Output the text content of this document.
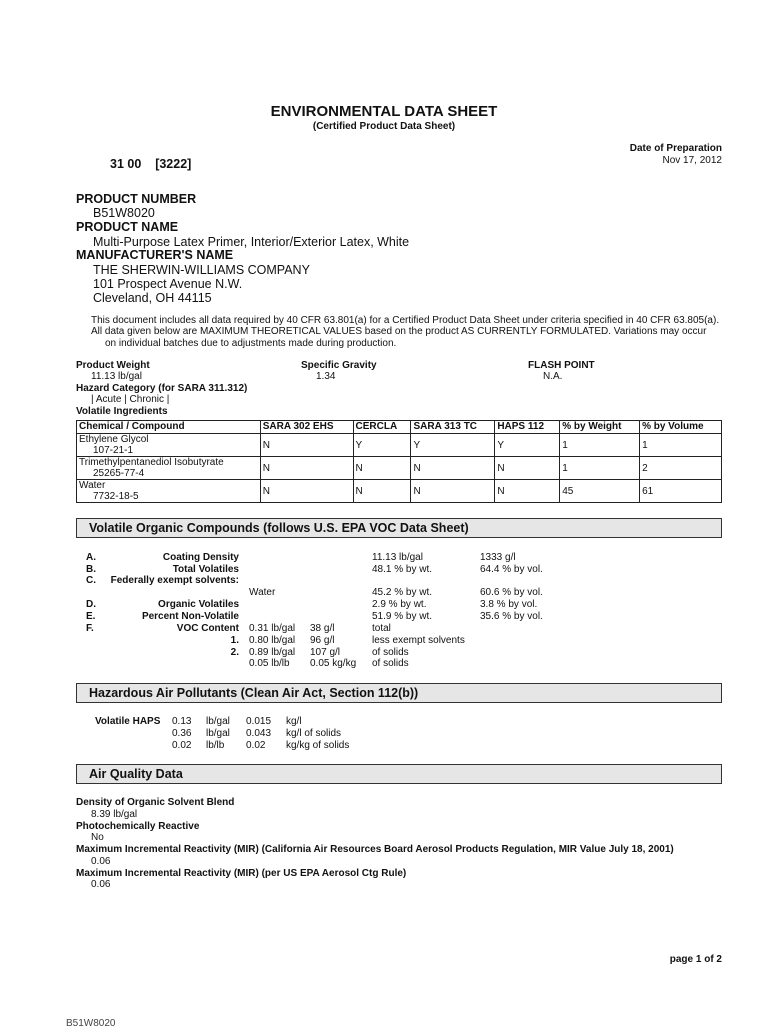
ENVIRONMENTAL DATA SHEET
(Certified Product Data Sheet)
Date of Preparation
Nov 17, 2012
31 00 [3222]
PRODUCT NUMBER
B51W8020
PRODUCT NAME
Multi-Purpose Latex Primer, Interior/Exterior Latex, White
MANUFACTURER'S NAME
THE SHERWIN-WILLIAMS COMPANY
101 Prospect Avenue N.W.
Cleveland, OH 44115
This document includes all data required by 40 CFR 63.801(a) for a Certified Product Data Sheet under criteria specified in 40 CFR 63.805(a).
All data given below are MAXIMUM THEORETICAL VALUES based on the product AS CURRENTLY FORMULATED. Variations may occur
on individual batches due to adjustments made during production.
Product Weight
11.13 lb/gal
Specific Gravity
1.34
FLASH POINT
N.A.
Hazard Category (for SARA 311.312)
| Acute | Chronic |
Volatile Ingredients
Chemical / Compound	SARA 302 EHS	CERCLA	SARA 313 TC	HAPS 112	% by Weight	% by Volume
Ethylene Glycol
107-21-1	N	Y	Y	Y	1	1
Trimethylpentanediol Isobutyrate
25265-77-4	N	N	N	N	1	2
Water
7732-18-5	N	N	N	N	45	61
Volatile Organic Compounds (follows U.S. EPA VOC Data Sheet)
A.	Coating Density	11.13 lb/gal	1333 g/l
B.	Total Volatiles	48.1 % by wt.	64.4 % by vol.
C. Federally exempt solvents:
Water	45.2 % by wt.	60.6 % by vol.
D.	Organic Volatiles	2.9 % by wt.	3.8 % by vol.
E.	Percent Non-Volatile	51.9 % by wt.	35.6 % by vol.
F.	VOC Content 0.31 lb/gal 38 g/l	total
1. 0.80 lb/gal 96 g/l	less exempt solvents
2. 0.89 lb/gal 107 g/l	of solids
0.05 lb/lb 0.05 kg/kg of solids
Hazardous Air Pollutants (Clean Air Act, Section 112(b))
Volatile HAPS 0.13 lb/gal 0.015 kg/l
0.36 lb/gal 0.043 kg/l of solids
0.02 lb/lb 0.02 kg/kg of solids
Air Quality Data
Density of Organic Solvent Blend
8.39 lb/gal
Photochemically Reactive
No
Maximum Incremental Reactivity (MIR) (California Air Resources Board Aerosol Products Regulation, MIR Value July 18, 2001)
0.06
Maximum Incremental Reactivity (MIR) (per US EPA Aerosol Ctg Rule)
0.06
page 1 of 2
B51W8020
